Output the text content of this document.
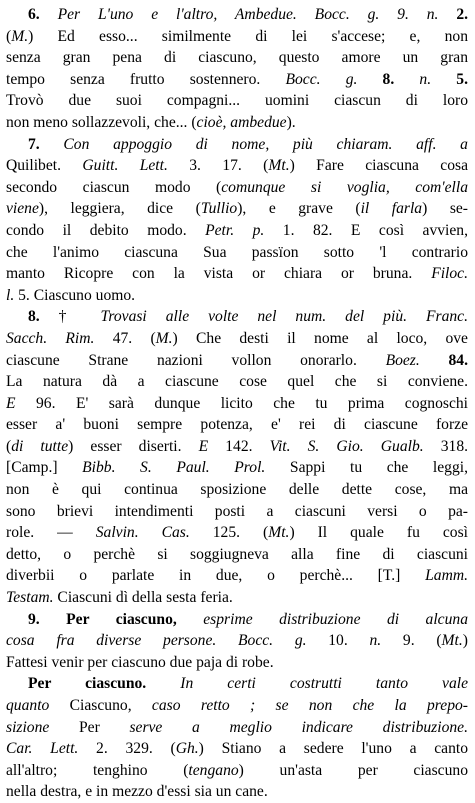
6. Per L'uno e l'altro, Ambedue. Bocc. g. 9. n. 2.
(M.) Ed esso... similmente di lei s'accese; e, non
senza gran pena di ciascuno, questo amore un gran
tempo senza frutto sostennero. Bocc. g. 8. n. 5.
Trovò due suoi compagni... uomini ciascun di loro
non meno sollazzevoli, che... (cioè, ambedue).
7. Con appoggio di nome, più chiaram. aff. a
Quilibet. Guitt. Lett. 3. 17. (Mt.) Fare ciascuna cosa
secondo ciascun modo (comunque si voglia, com'ella
viene), leggiera, dice (Tullio), e grave (il farla) se-
condo il debito modo. Petr. p. 1. 82. E così avvien,
che l'animo ciascuna Sua passïon sotto 'l contrario
manto Ricopre con la vista or chiara or bruna. Filoc.
l. 5. Ciascuno uomo.
8. † Trovasi alle volte nel num. del più. Franc.
Sacch. Rim. 47. (M.) Che desti il nome al loco, ove
ciascune Strane nazioni vollon onorarlo. Boez. 84.
La natura dà a ciascune cose quel che si conviene.
E 96. E' sarà dunque licito che tu prima cognoschi
esser a' buoni sempre potenza, e' rei di ciascune forze
(di tutte) esser diserti. E 142. Vit. S. Gio. Gualb. 318.
[Camp.] Bibb. S. Paul. Prol. Sappi tu che leggi,
non è qui continua sposizione delle dette cose, ma
sono brievi intendimenti posti a ciascuni versi o pa-
role. — Salvin. Cas. 125. (Mt.) Il quale fu così
detto, o perchè si soggiugneva alla fine di ciascuni
diverbii o parlate in due, o perchè... [T.] Lamm.
Testam. Ciascuni dì della sesta feria.
9. Per ciascuno, esprime distribuzione di alcuna
cosa fra diverse persone. Bocc. g. 10. n. 9. (Mt.)
Fattesi venir per ciascuno due paja di robe.
Per ciascuno. In certi costrutti tanto vale
quanto Ciascuno, caso retto ; se non che la prepo-
sizione Per serve a meglio indicare distribuzione.
Car. Lett. 2. 329. (Gh.) Stiano a sedere l'uno a canto
all'altro; tenghino (tengano) un'asta per ciascuno
nella destra, e in mezzo d'essi sia un cane.
